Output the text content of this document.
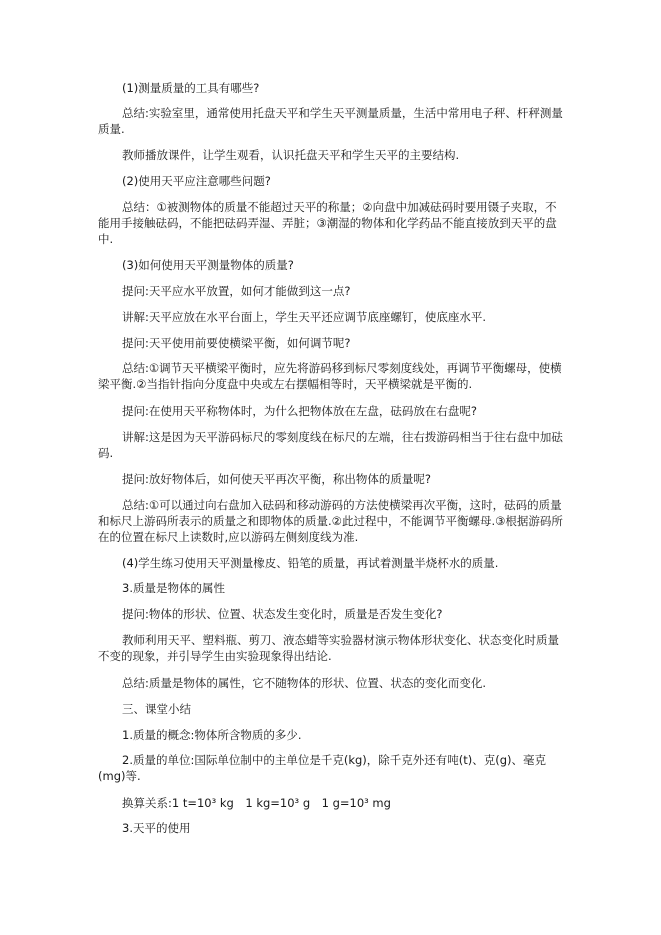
(1)测量质量的工具有哪些?

总结:实验室里，通常使用托盘天平和学生天平测量质量，生活中常用电子秤、杆秤测量质量.

教师播放课件，让学生观看，认识托盘天平和学生天平的主要结构.

(2)使用天平应注意哪些问题?

总结：①被测物体的质量不能超过天平的称量；②向盘中加减砝码时要用镊子夹取，不能用手接触砝码，不能把砝码弄湿、弄脏；③潮湿的物体和化学药品不能直接放到天平的盘中.

(3)如何使用天平测量物体的质量?

提问:天平应水平放置，如何才能做到这一点?

讲解:天平应放在水平台面上，学生天平还应调节底座螺钉，使底座水平.

提问:天平使用前要使横梁平衡，如何调节呢?

总结:①调节天平横梁平衡时，应先将游码移到标尺零刻度线处，再调节平衡螺母，使横梁平衡.②当指针指向分度盘中央或左右摆幅相等时，天平横梁就是平衡的.

提问:在使用天平称物体时，为什么把物体放在左盘，砝码放在右盘呢?

讲解:这是因为天平游码标尺的零刻度线在标尺的左端，往右拨游码相当于往右盘中加砝码.

提问:放好物体后，如何使天平再次平衡，称出物体的质量呢?

总结:①可以通过向右盘加入砝码和移动游码的方法使横梁再次平衡，这时，砝码的质量和标尺上游码所表示的质量之和即物体的质量.②此过程中，不能调节平衡螺母.③根据游码所在的位置在标尺上读数时,应以游码左侧刻度线为准.

(4)学生练习使用天平测量橡皮、铅笔的质量，再试着测量半烧杯水的质量.

3.质量是物体的属性

提问:物体的形状、位置、状态发生变化时，质量是否发生变化?

教师利用天平、塑料瓶、剪刀、液态蜡等实验器材演示物体形状变化、状态变化时质量不变的现象，并引导学生由实验现象得出结论.

总结:质量是物体的属性，它不随物体的形状、位置、状态的变化而变化.

三、课堂小结

1.质量的概念:物体所含物质的多少.

2.质量的单位:国际单位制中的主单位是千克(kg)，除千克外还有吨(t)、克(g)、毫克(mg)等.

换算关系:1 t=10³ kg　1 kg=10³ g　1 g=10³ mg

3.天平的使用
